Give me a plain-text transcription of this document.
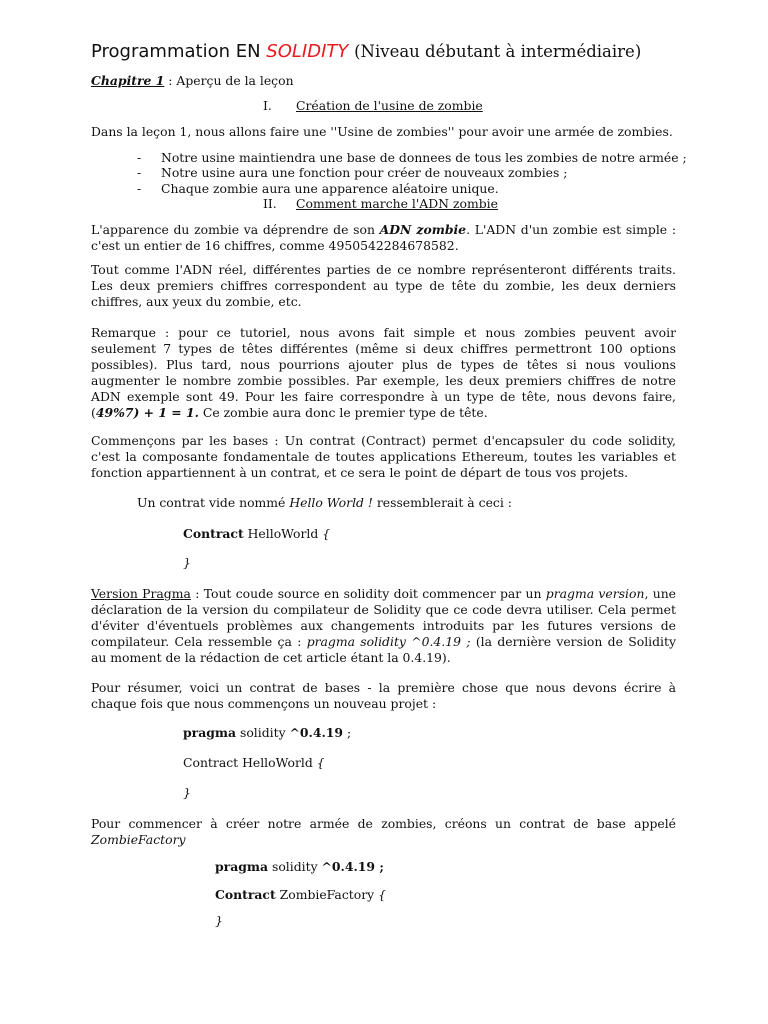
Programmation EN SOLIDITY (Niveau débutant à intermédiaire)
Chapitre 1 : Aperçu de la leçon
I. Création de l'usine de zombie
Dans la leçon 1, nous allons faire une ''Usine de zombies'' pour avoir une armée de zombies.
- Notre usine maintiendra une base de donnees de tous les zombies de notre armée ;
- Notre usine aura une fonction pour créer de nouveaux zombies ;
- Chaque zombie aura une apparence aléatoire unique.
II. Comment marche l'ADN zombie
L'apparence du zombie va déprendre de son ADN zombie. L'ADN d'un zombie est simple : c'est un entier de 16 chiffres, comme 4950542284678582.
Tout comme l'ADN réel, différentes parties de ce nombre représenteront différents traits. Les deux premiers chiffres correspondent au type de tête du zombie, les deux derniers chiffres, aux yeux du zombie, etc.
Remarque : pour ce tutoriel, nous avons fait simple et nous zombies peuvent avoir seulement 7 types de têtes différentes (même si deux chiffres permettront 100 options possibles). Plus tard, nous pourrions ajouter plus de types de têtes si nous voulions augmenter le nombre zombie possibles. Par exemple, les deux premiers chiffres de notre ADN exemple sont 49. Pour les faire correspondre à un type de tête, nous devons faire, (49%7) + 1 = 1. Ce zombie aura donc le premier type de tête.
Commençons par les bases : Un contrat (Contract) permet d'encapsuler du code solidity, c'est la composante fondamentale de toutes applications Ethereum, toutes les variables et fonction appartiennent à un contrat, et ce sera le point de départ de tous vos projets.
Un contrat vide nommé Hello World ! ressemblerait à ceci :
Contract HelloWorld {
}
Version Pragma : Tout coude source en solidity doit commencer par un pragma version, une déclaration de la version du compilateur de Solidity que ce code devra utiliser. Cela permet d'éviter d'éventuels problèmes aux changements introduits par les futures versions de compilateur. Cela ressemble ça : pragma solidity ^0.4.19 ; (la dernière version de Solidity au moment de la rédaction de cet article étant la 0.4.19).
Pour résumer, voici un contrat de bases - la première chose que nous devons écrire à chaque fois que nous commençons un nouveau projet :
pragma solidity ^0.4.19 ;
Contract HelloWorld {
}
Pour commencer à créer notre armée de zombies, créons un contrat de base appelé ZombieFactory
pragma solidity ^0.4.19 ;
Contract ZombieFactory {
}
